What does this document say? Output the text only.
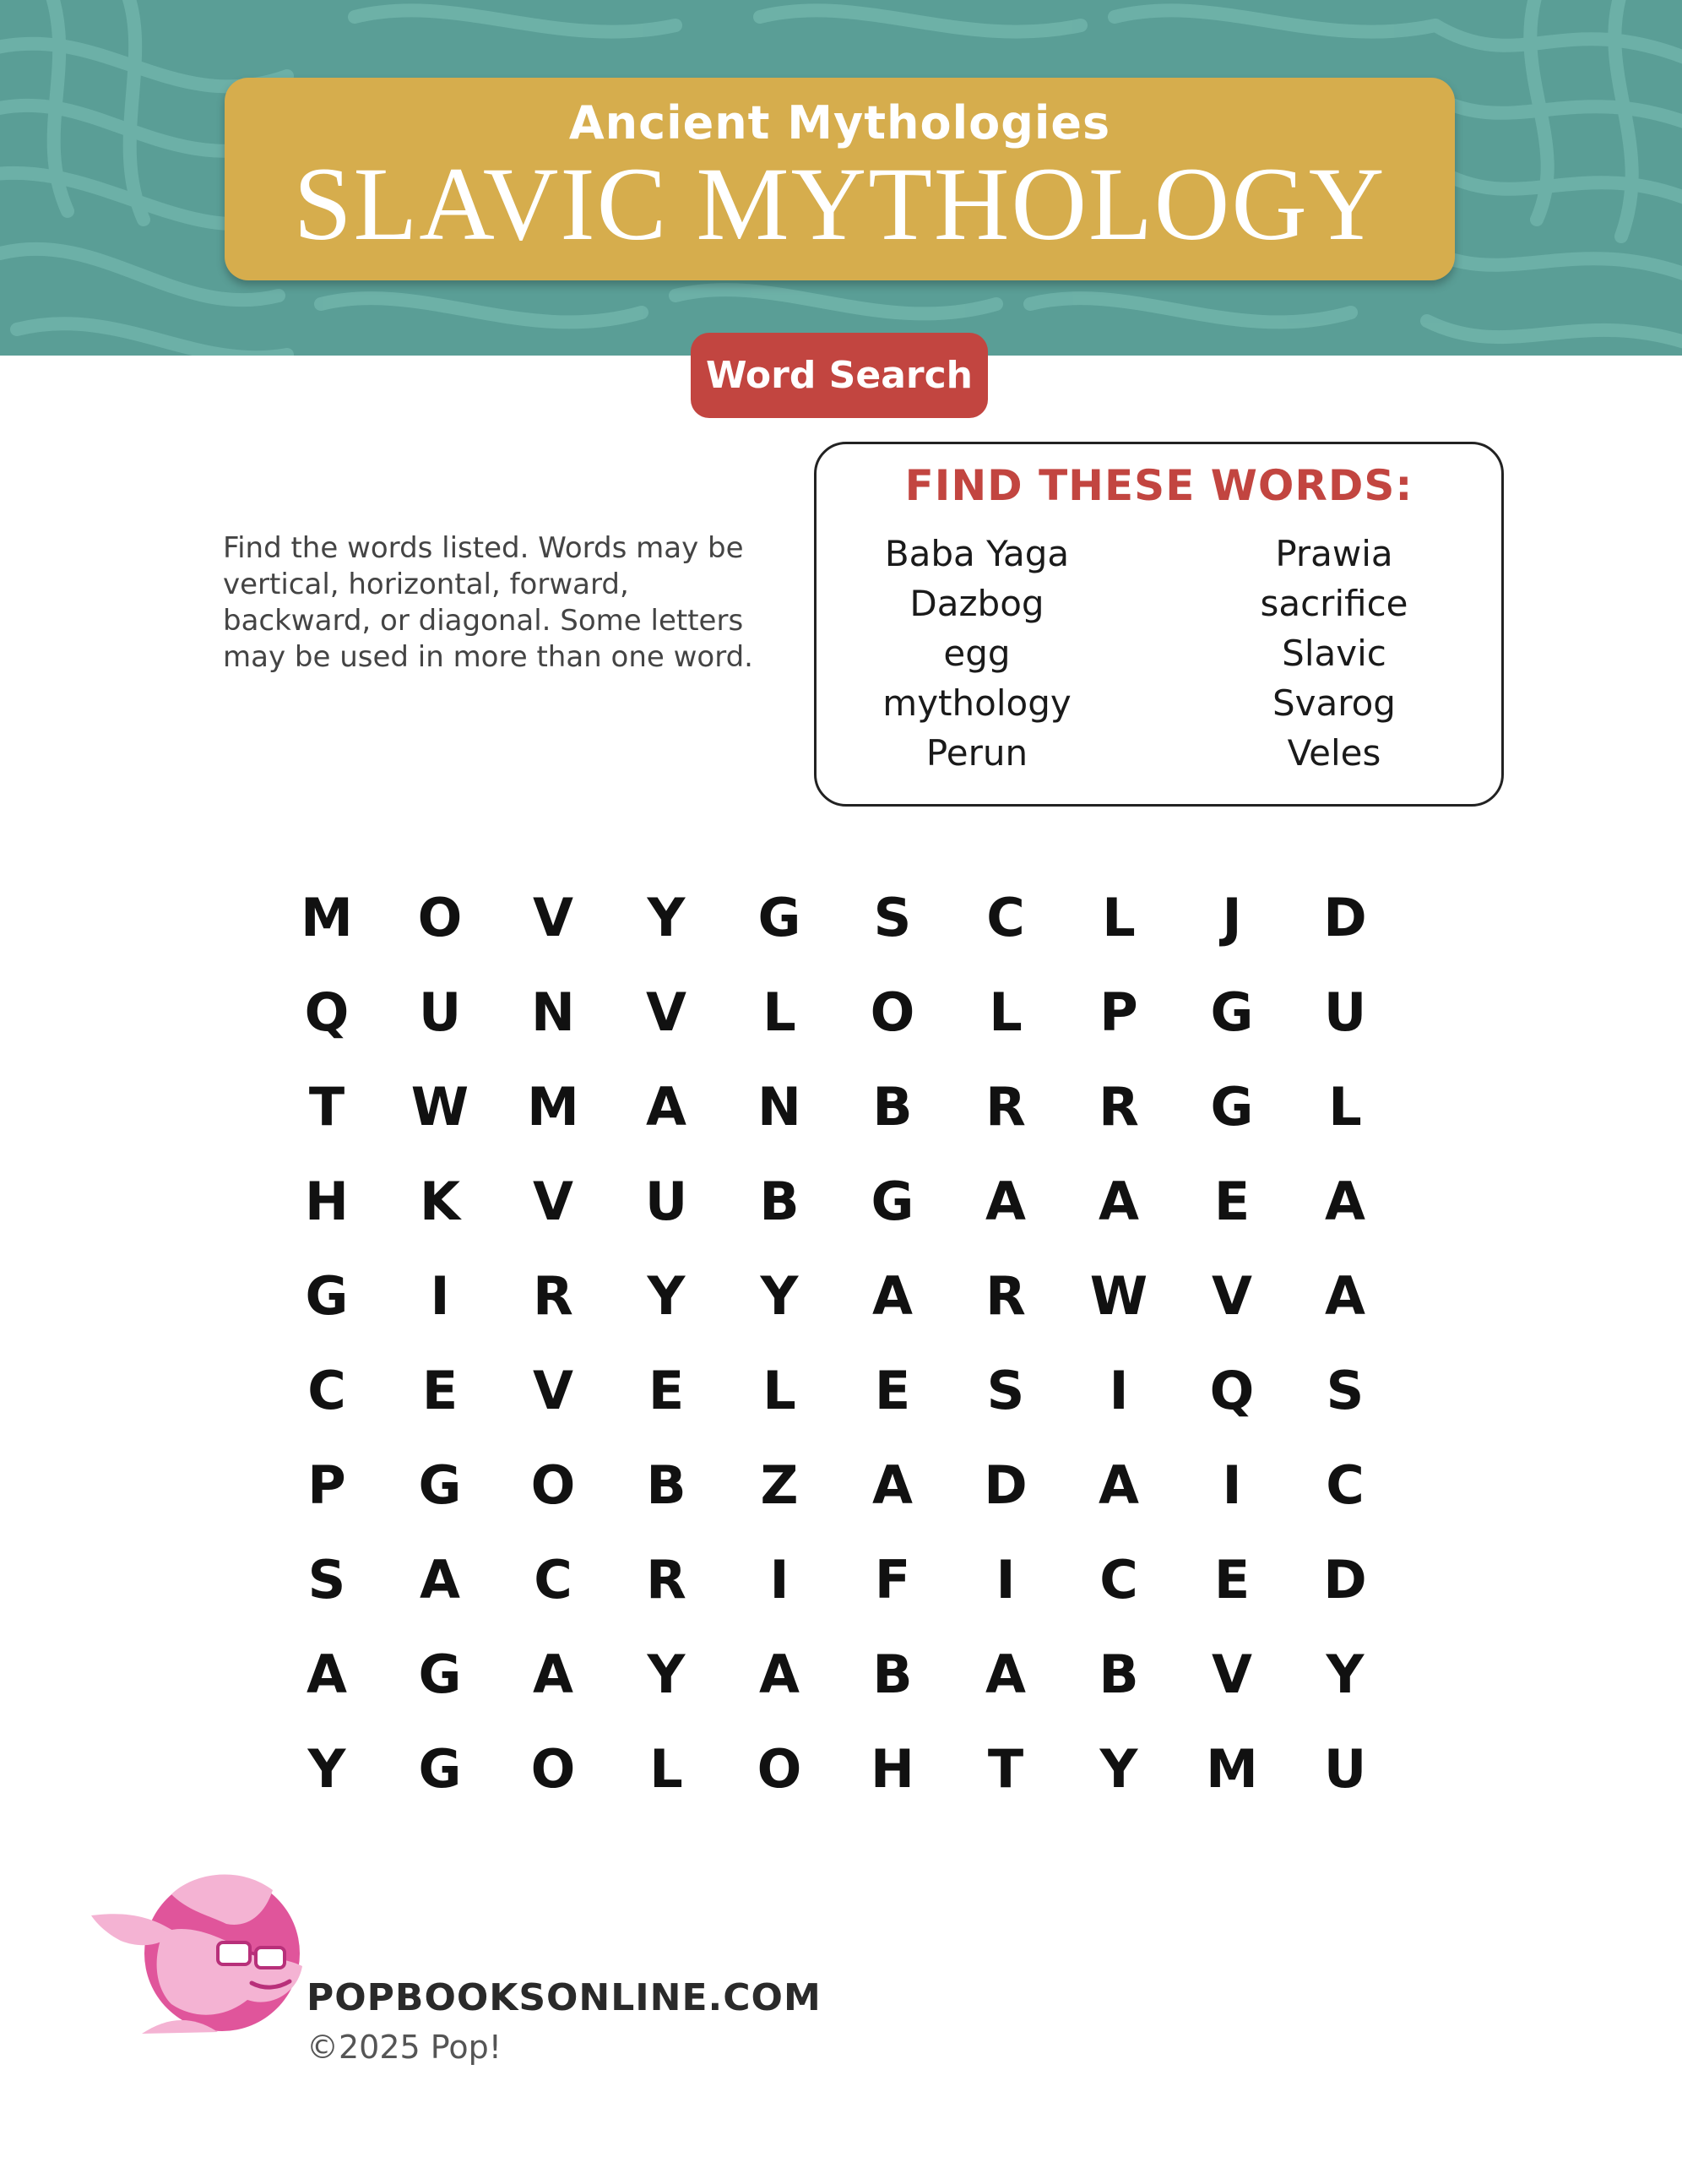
Ancient Mythologies
SLAVIC MYTHOLOGY
Word Search
Find the words listed. Words may be vertical, horizontal, forward, backward, or diagonal. Some letters may be used in more than one word.
FIND THESE WORDS:
Baba Yaga
Dazbog
egg
mythology
Perun
Prawia
sacrifice
Slavic
Svarog
Veles
M	O	V	Y	G	S	C	L	J	D
Q	U	N	V	L	O	L	P	G	U
T	W	M	A	N	B	R	R	G	L
H	K	V	U	B	G	A	A	E	A
G	I	R	Y	Y	A	R	W	V	A
C	E	V	E	L	E	S	I	Q	S
P	G	O	B	Z	A	D	A	I	C
S	A	C	R	I	F	I	C	E	D
A	G	A	Y	A	B	A	B	V	Y
Y	G	O	L	O	H	T	Y	M	U
POPBOOKSONLINE.COM
©2025 Pop!
